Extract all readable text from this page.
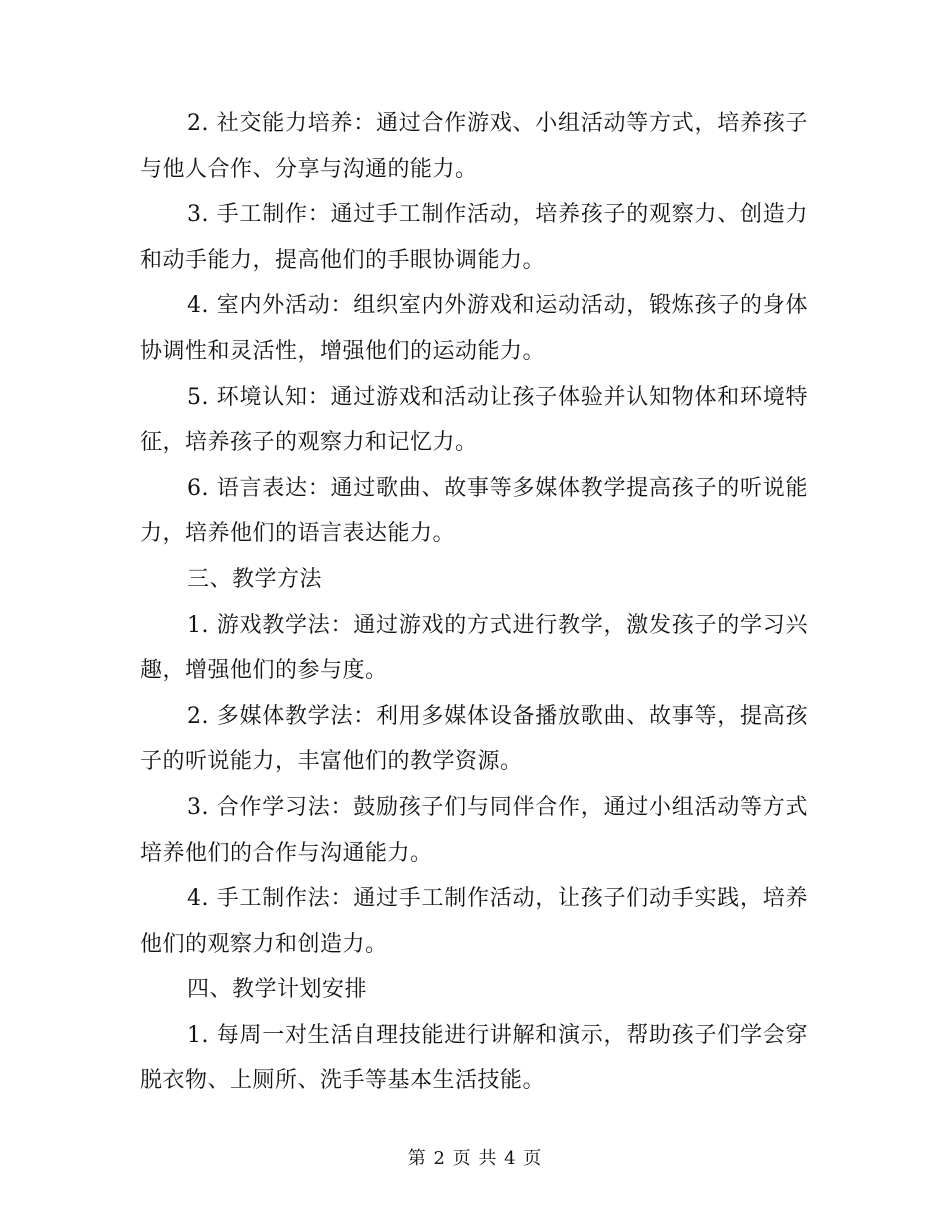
2. 社交能力培养：通过合作游戏、小组活动等方式，培养孩子与他人合作、分享与沟通的能力。

3. 手工制作：通过手工制作活动，培养孩子的观察力、创造力和动手能力，提高他们的手眼协调能力。

4. 室内外活动：组织室内外游戏和运动活动，锻炼孩子的身体协调性和灵活性，增强他们的运动能力。

5. 环境认知：通过游戏和活动让孩子体验并认知物体和环境特征，培养孩子的观察力和记忆力。

6. 语言表达：通过歌曲、故事等多媒体教学提高孩子的听说能力，培养他们的语言表达能力。

三、教学方法

1. 游戏教学法：通过游戏的方式进行教学，激发孩子的学习兴趣，增强他们的参与度。

2. 多媒体教学法：利用多媒体设备播放歌曲、故事等，提高孩子的听说能力，丰富他们的教学资源。

3. 合作学习法：鼓励孩子们与同伴合作，通过小组活动等方式培养他们的合作与沟通能力。

4. 手工制作法：通过手工制作活动，让孩子们动手实践，培养他们的观察力和创造力。

四、教学计划安排

1. 每周一对生活自理技能进行讲解和演示，帮助孩子们学会穿脱衣物、上厕所、洗手等基本生活技能。

第 2 页 共 4 页
